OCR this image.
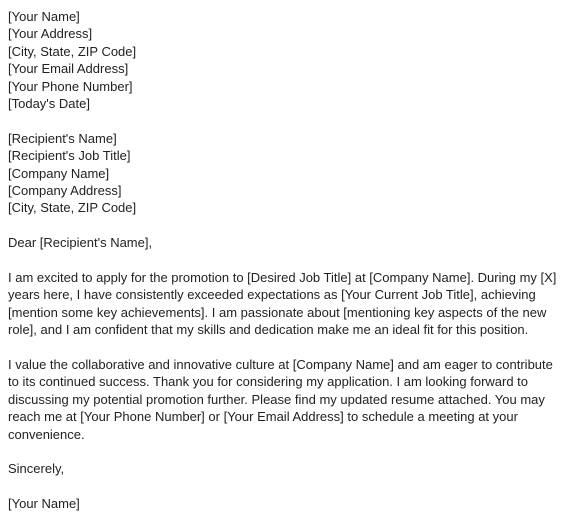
[Your Name]
[Your Address]
[City, State, ZIP Code]
[Your Email Address]
[Your Phone Number]
[Today's Date]
[Recipient's Name]
[Recipient's Job Title]
[Company Name]
[Company Address]
[City, State, ZIP Code]
Dear [Recipient's Name],
I am excited to apply for the promotion to [Desired Job Title] at [Company Name]. During my [X]
years here, I have consistently exceeded expectations as [Your Current Job Title], achieving
[mention some key achievements]. I am passionate about [mentioning key aspects of the new
role], and I am confident that my skills and dedication make me an ideal fit for this position.
I value the collaborative and innovative culture at [Company Name] and am eager to contribute
to its continued success. Thank you for considering my application. I am looking forward to
discussing my potential promotion further. Please find my updated resume attached. You may
reach me at [Your Phone Number] or [Your Email Address] to schedule a meeting at your
convenience.
Sincerely,
[Your Name]
